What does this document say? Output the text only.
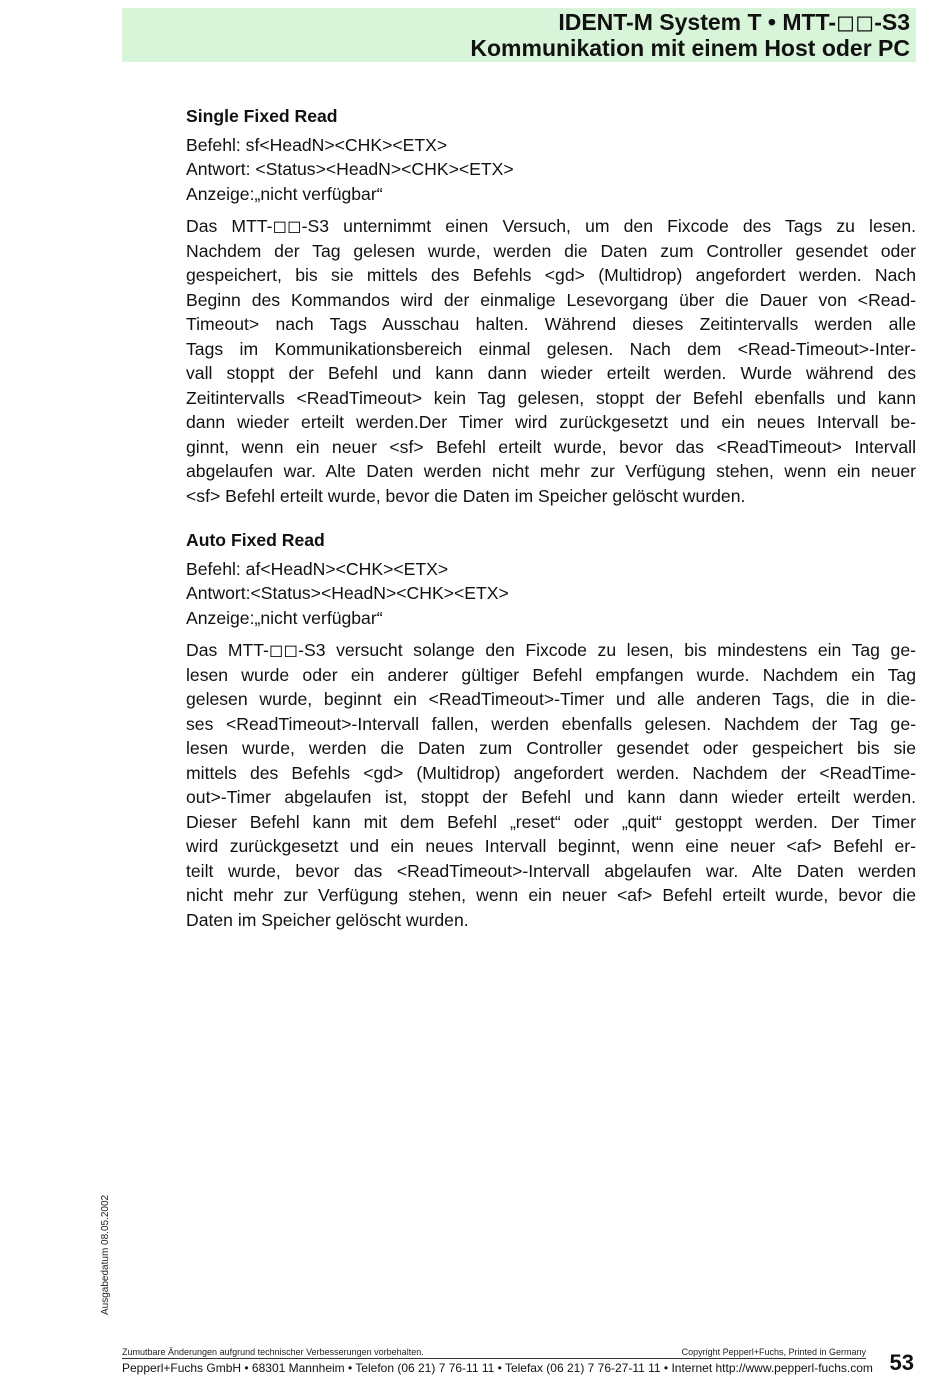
IDENT-M System T • MTT-◻◻-S3
Kommunikation mit einem Host oder PC
Single Fixed Read
Befehl: sf<HeadN><CHK><ETX>
Antwort: <Status><HeadN><CHK><ETX>
Anzeige:„nicht verfügbar“
Das MTT-◻◻-S3 unternimmt einen Versuch, um den Fixcode des Tags zu lesen.
Nachdem der Tag gelesen wurde, werden die Daten zum Controller gesendet oder
gespeichert, bis sie mittels des Befehls <gd> (Multidrop) angefordert werden. Nach
Beginn des Kommandos wird der einmalige Lesevorgang über die Dauer von <Read-
Timeout> nach Tags Ausschau halten. Während dieses Zeitintervalls werden alle
Tags im Kommunikationsbereich einmal gelesen. Nach dem <Read-Timeout>-Inter-
vall stoppt der Befehl und kann dann wieder erteilt werden. Wurde während des
Zeitintervalls <ReadTimeout> kein Tag gelesen, stoppt der Befehl ebenfalls und kann
dann wieder erteilt werden.Der Timer wird zurückgesetzt und ein neues Intervall be-
ginnt, wenn ein neuer <sf> Befehl erteilt wurde, bevor das <ReadTimeout> Intervall
abgelaufen war. Alte Daten werden nicht mehr zur Verfügung stehen, wenn ein neuer
<sf> Befehl erteilt wurde, bevor die Daten im Speicher gelöscht wurden.
Auto Fixed Read
Befehl: af<HeadN><CHK><ETX>
Antwort:<Status><HeadN><CHK><ETX>
Anzeige:„nicht verfügbar“
Das MTT-◻◻-S3 versucht solange den Fixcode zu lesen, bis mindestens ein Tag ge-
lesen wurde oder ein anderer gültiger Befehl empfangen wurde. Nachdem ein Tag
gelesen wurde, beginnt ein <ReadTimeout>-Timer und alle anderen Tags, die in die-
ses <ReadTimeout>-Intervall fallen, werden ebenfalls gelesen. Nachdem der Tag ge-
lesen wurde, werden die Daten zum Controller gesendet oder gespeichert bis sie
mittels des Befehls <gd> (Multidrop) angefordert werden. Nachdem der <ReadTime-
out>-Timer abgelaufen ist, stoppt der Befehl und kann dann wieder erteilt werden.
Dieser Befehl kann mit dem Befehl „reset“ oder „quit“ gestoppt werden. Der Timer
wird zurückgesetzt und ein neues Intervall beginnt, wenn eine neuer <af> Befehl er-
teilt wurde, bevor das <ReadTimeout>-Intervall abgelaufen war. Alte Daten werden
nicht mehr zur Verfügung stehen, wenn ein neuer <af> Befehl erteilt wurde, bevor die
Daten im Speicher gelöscht wurden.
Ausgabedatum 08.05.2002
Zumutbare Änderungen aufgrund technischer Verbesserungen vorbehalten.	Copyright Pepperl+Fuchs, Printed in Germany
Pepperl+Fuchs GmbH • 68301 Mannheim • Telefon (06 21) 7 76-11 11 • Telefax (06 21) 7 76-27-11 11 • Internet http://www.pepperl-fuchs.com 53
